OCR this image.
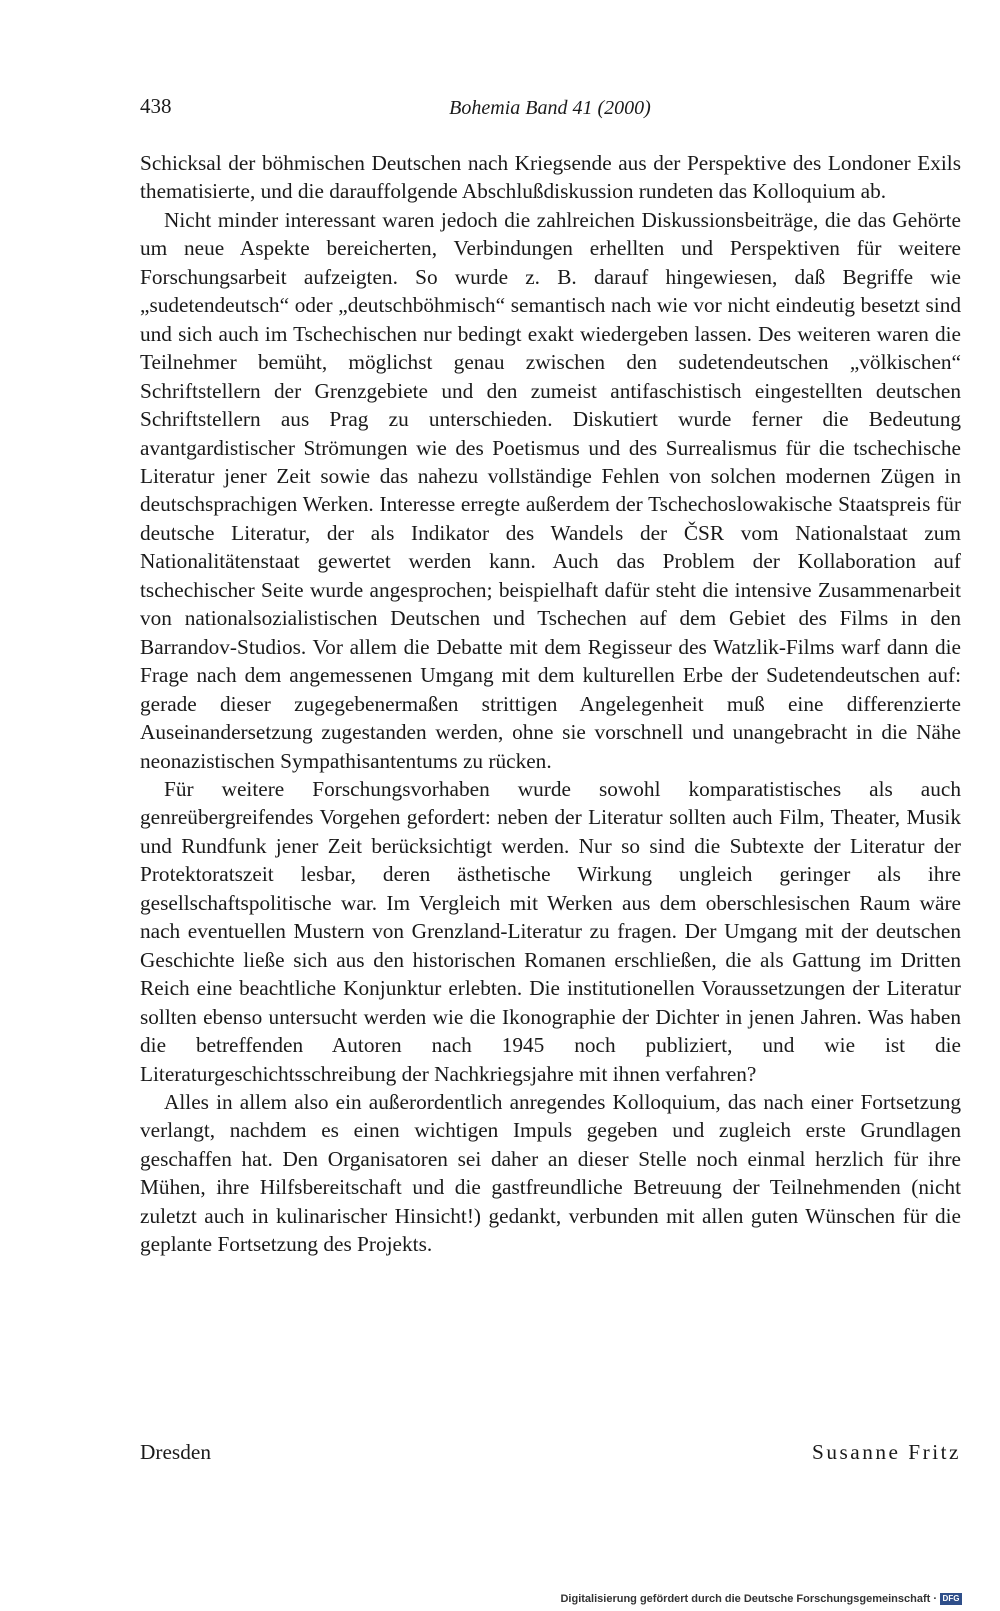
438	Bohemia Band 41 (2000)

Schicksal der böhmischen Deutschen nach Kriegsende aus der Perspektive des Londoner Exils thematisierte, und die darauffolgende Abschlußdiskussion rundeten das Kolloquium ab.

Nicht minder interessant waren jedoch die zahlreichen Diskussionsbeiträge, die das Gehörte um neue Aspekte bereicherten, Verbindungen erhellten und Perspektiven für weitere Forschungsarbeit aufzeigten. So wurde z. B. darauf hingewiesen, daß Begriffe wie „sudetendeutsch“ oder „deutschböhmisch“ semantisch nach wie vor nicht eindeutig besetzt sind und sich auch im Tschechischen nur bedingt exakt wiedergeben lassen. Des weiteren waren die Teilnehmer bemüht, möglichst genau zwischen den sudetendeutschen „völkischen“ Schriftstellern der Grenzgebiete und den zumeist antifaschistisch eingestellten deutschen Schriftstellern aus Prag zu unterschieden. Diskutiert wurde ferner die Bedeutung avantgardistischer Strömungen wie des Poetismus und des Surrealismus für die tschechische Literatur jener Zeit sowie das nahezu vollständige Fehlen von solchen modernen Zügen in deutschsprachigen Werken. Interesse erregte außerdem der Tschechoslowakische Staatspreis für deutsche Literatur, der als Indikator des Wandels der ČSR vom Nationalstaat zum Nationalitätenstaat gewertet werden kann. Auch das Problem der Kollaboration auf tschechischer Seite wurde angesprochen; beispielhaft dafür steht die intensive Zusammenarbeit von nationalsozialistischen Deutschen und Tschechen auf dem Gebiet des Films in den Barrandov-Studios. Vor allem die Debatte mit dem Regisseur des Watzlik-Films warf dann die Frage nach dem angemessenen Umgang mit dem kulturellen Erbe der Sudetendeutschen auf: gerade dieser zugegebenermaßen strittigen Angelegenheit muß eine differenzierte Auseinandersetzung zugestanden werden, ohne sie vorschnell und unangebracht in die Nähe neonazistischen Sympathisantentums zu rücken.

Für weitere Forschungsvorhaben wurde sowohl komparatistisches als auch genreübergreifendes Vorgehen gefordert: neben der Literatur sollten auch Film, Theater, Musik und Rundfunk jener Zeit berücksichtigt werden. Nur so sind die Subtexte der Literatur der Protektoratszeit lesbar, deren ästhetische Wirkung ungleich geringer als ihre gesellschaftspolitische war. Im Vergleich mit Werken aus dem oberschlesischen Raum wäre nach eventuellen Mustern von Grenzland-Literatur zu fragen. Der Umgang mit der deutschen Geschichte ließe sich aus den historischen Romanen erschließen, die als Gattung im Dritten Reich eine beachtliche Konjunktur erlebten. Die institutionellen Voraussetzungen der Literatur sollten ebenso untersucht werden wie die Ikonographie der Dichter in jenen Jahren. Was haben die betreffenden Autoren nach 1945 noch publiziert, und wie ist die Literaturgeschichtsschreibung der Nachkriegsjahre mit ihnen verfahren?

Alles in allem also ein außerordentlich anregendes Kolloquium, das nach einer Fortsetzung verlangt, nachdem es einen wichtigen Impuls gegeben und zugleich erste Grundlagen geschaffen hat. Den Organisatoren sei daher an dieser Stelle noch einmal herzlich für ihre Mühen, ihre Hilfsbereitschaft und die gastfreundliche Betreuung der Teilnehmenden (nicht zuletzt auch in kulinarischer Hinsicht!) gedankt, verbunden mit allen guten Wünschen für die geplante Fortsetzung des Projekts.

Dresden	Susanne Fritz
Digitalisierung gefördert durch die Deutsche Forschungsgemeinschaft · DFG
